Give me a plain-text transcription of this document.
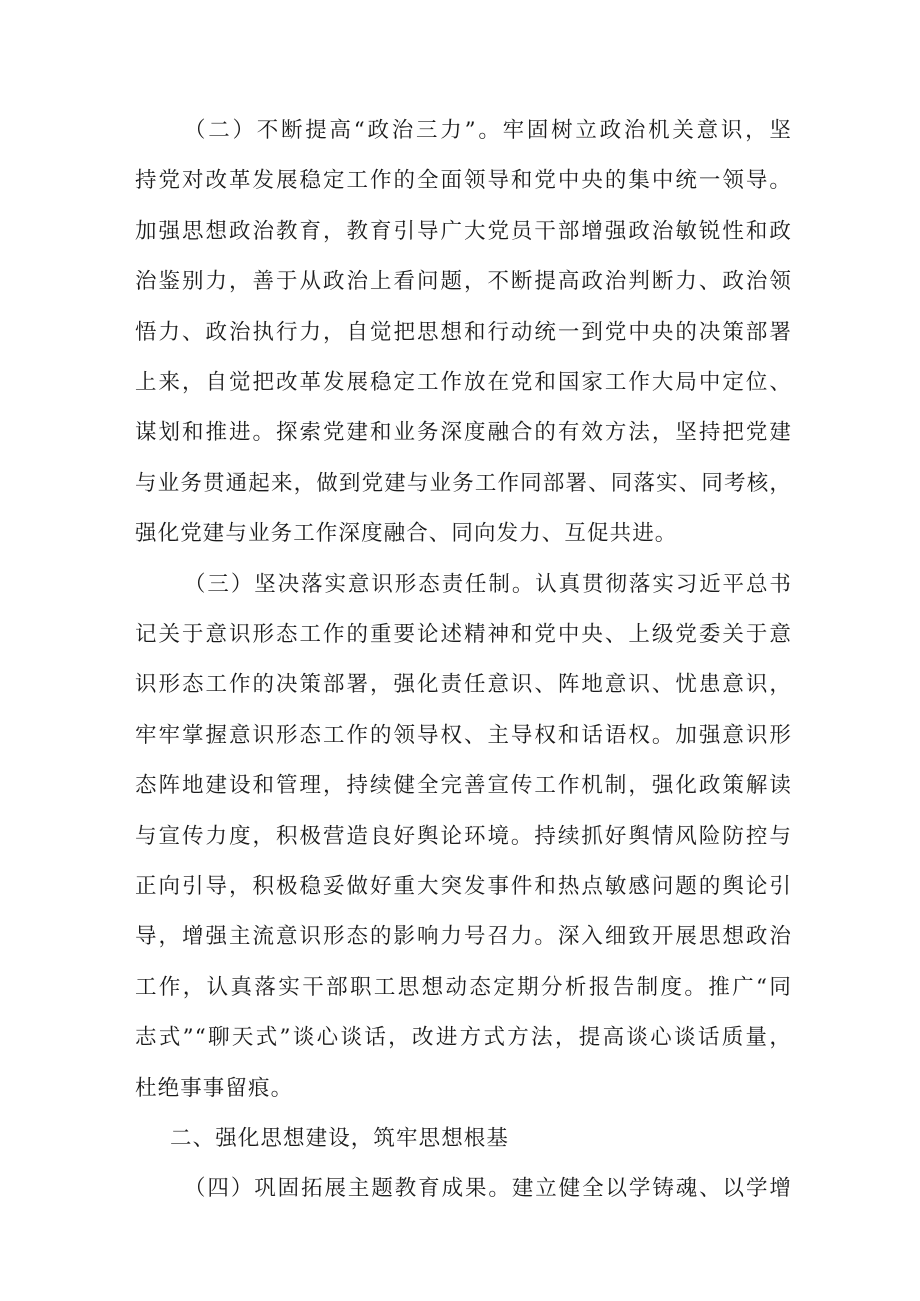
（二）不断提高“政治三力”。牢固树立政治机关意识，坚
持党对改革发展稳定工作的全面领导和党中央的集中统一领导。
加强思想政治教育，教育引导广大党员干部增强政治敏锐性和政
治鉴别力，善于从政治上看问题，不断提高政治判断力、政治领
悟力、政治执行力，自觉把思想和行动统一到党中央的决策部署
上来，自觉把改革发展稳定工作放在党和国家工作大局中定位、
谋划和推进。探索党建和业务深度融合的有效方法，坚持把党建
与业务贯通起来，做到党建与业务工作同部署、同落实、同考核，
强化党建与业务工作深度融合、同向发力、互促共进。
（三）坚决落实意识形态责任制。认真贯彻落实习近平总书
记关于意识形态工作的重要论述精神和党中央、上级党委关于意
识形态工作的决策部署，强化责任意识、阵地意识、忧患意识，
牢牢掌握意识形态工作的领导权、主导权和话语权。加强意识形
态阵地建设和管理，持续健全完善宣传工作机制，强化政策解读
与宣传力度，积极营造良好舆论环境。持续抓好舆情风险防控与
正向引导，积极稳妥做好重大突发事件和热点敏感问题的舆论引
导，增强主流意识形态的影响力号召力。深入细致开展思想政治
工作，认真落实干部职工思想动态定期分析报告制度。推广“同
志式”“聊天式”谈心谈话，改进方式方法，提高谈心谈话质量，
杜绝事事留痕。
二、强化思想建设，筑牢思想根基
（四）巩固拓展主题教育成果。建立健全以学铸魂、以学增
